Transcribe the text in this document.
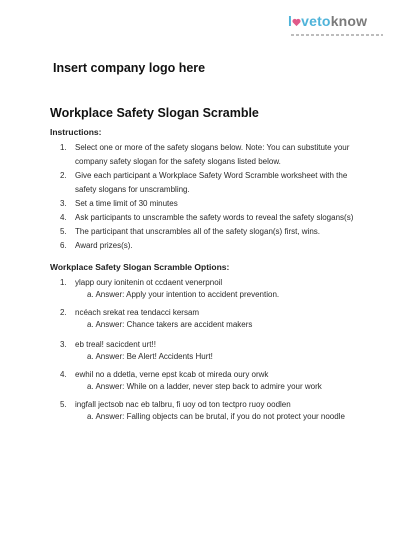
l vetoknow
Insert company logo here
Workplace Safety Slogan Scramble
Instructions:
1. Select one or more of the safety slogans below. Note: You can substitute your
company safety slogan for the safety slogans listed below.
2. Give each participant a Workplace Safety Word Scramble worksheet with the
safety slogans for unscrambling.
3. Set a time limit of 30 minutes
4. Ask participants to unscramble the safety words to reveal the safety slogans(s)
5. The participant that unscrambles all of the safety slogan(s) first, wins.
6. Award prizes(s).
Workplace Safety Slogan Scramble Options:
1. ylapp oury ionitenin ot ccdaent venerpnoil
a. Answer: Apply your intention to accident prevention.
2. ncéach srekat rea tendacci kersam
a. Answer: Chance takers are accident makers
3. eb treal! sacicdent urt!!
a. Answer: Be Alert! Accidents Hurt!
4. ewhil no a ddetla, verne epst kcab ot mireda oury orwk
a. Answer: While on a ladder, never step back to admire your work
5. ingfall jectsob nac eb talbru, fi uoy od ton tectpro ruoy oodlen
a. Answer: Falling objects can be brutal, if you do not protect your noodle
